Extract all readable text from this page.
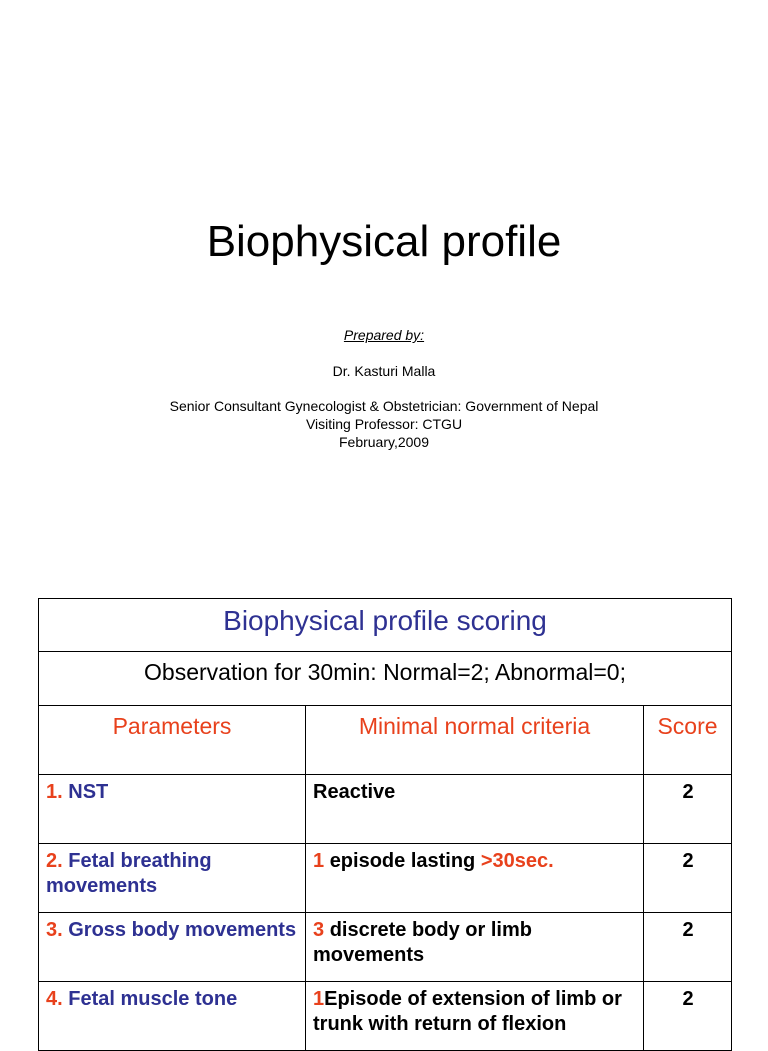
Biophysical profile
Prepared by:
Dr. Kasturi Malla
Senior Consultant Gynecologist & Obstetrician: Government of Nepal
Visiting Professor: CTGU
February,2009
Biophysical profile scoring		
Observation for 30min: Normal=2; Abnormal=0;		
Parameters	Minimal normal criteria	Score
1. NST	Reactive	2
2. Fetal breathing movements	1 episode lasting >30sec.	2
3. Gross body movements	3 discrete body or limb movements	2
4. Fetal muscle tone	1Episode of extension of limb or trunk with return of flexion	2
